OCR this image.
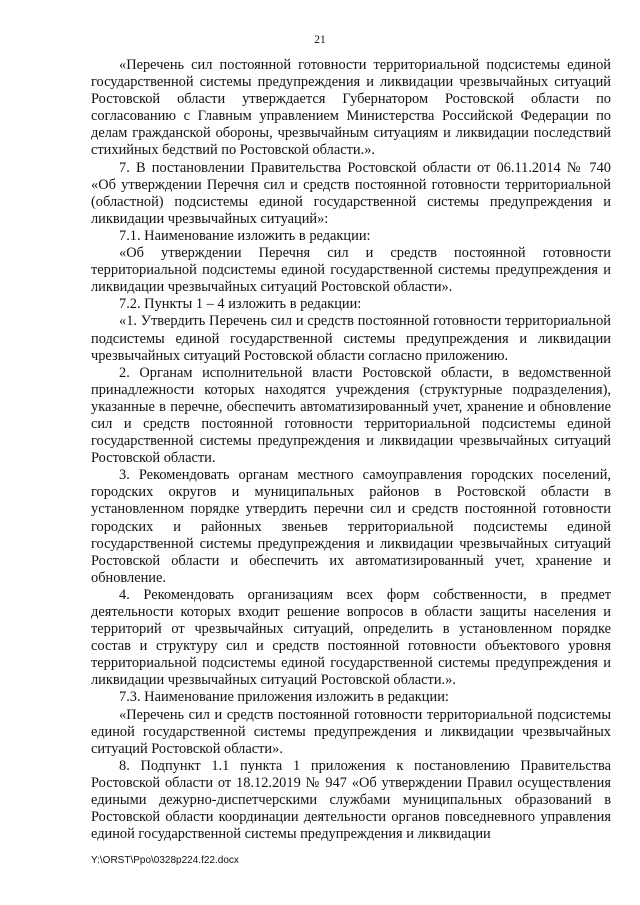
21

«Перечень сил постоянной готовности территориальной подсистемы единой государственной системы предупреждения и ликвидации чрезвычайных ситуаций Ростовской области утверждается Губернатором Ростовской области по согласованию с Главным управлением Министерства Российской Федерации по делам гражданской обороны, чрезвычайным ситуациям и ликвидации последствий стихийных бедствий по Ростовской области.».

7. В постановлении Правительства Ростовской области от 06.11.2014 № 740 «Об утверждении Перечня сил и средств постоянной готовности территориальной (областной) подсистемы единой государственной системы предупреждения и ликвидации чрезвычайных ситуаций»:

7.1. Наименование изложить в редакции:

«Об утверждении Перечня сил и средств постоянной готовности территориальной подсистемы единой государственной системы предупреждения и ликвидации чрезвычайных ситуаций Ростовской области».

7.2. Пункты 1 – 4 изложить в редакции:

«1. Утвердить Перечень сил и средств постоянной готовности территориальной подсистемы единой государственной системы предупреждения и ликвидации чрезвычайных ситуаций Ростовской области согласно приложению.

2. Органам исполнительной власти Ростовской области, в ведомственной принадлежности которых находятся учреждения (структурные подразделения), указанные в перечне, обеспечить автоматизированный учет, хранение и обновление сил и средств постоянной готовности территориальной подсистемы единой государственной системы предупреждения и ликвидации чрезвычайных ситуаций Ростовской области.

3. Рекомендовать органам местного самоуправления городских поселений, городских округов и муниципальных районов в Ростовской области в установленном порядке утвердить перечни сил и средств постоянной готовности городских и районных звеньев территориальной подсистемы единой государственной системы предупреждения и ликвидации чрезвычайных ситуаций Ростовской области и обеспечить их автоматизированный учет, хранение и обновление.

4. Рекомендовать организациям всех форм собственности, в предмет деятельности которых входит решение вопросов в области защиты населения и территорий от чрезвычайных ситуаций, определить в установленном порядке состав и структуру сил и средств постоянной готовности объектового уровня территориальной подсистемы единой государственной системы предупреждения и ликвидации чрезвычайных ситуаций Ростовской области.».

7.3. Наименование приложения изложить в редакции:

«Перечень сил и средств постоянной готовности территориальной подсистемы единой государственной системы предупреждения и ликвидации чрезвычайных ситуаций Ростовской области».

8. Подпункт 1.1 пункта 1 приложения к постановлению Правительства Ростовской области от 18.12.2019 № 947 «Об утверждении Правил осуществления едиными дежурно-диспетчерскими службами муниципальных образований в Ростовской области координации деятельности органов повседневного управления единой государственной системы предупреждения и ликвидации

Y:\ORST\Ppo\0328p224.f22.docx
